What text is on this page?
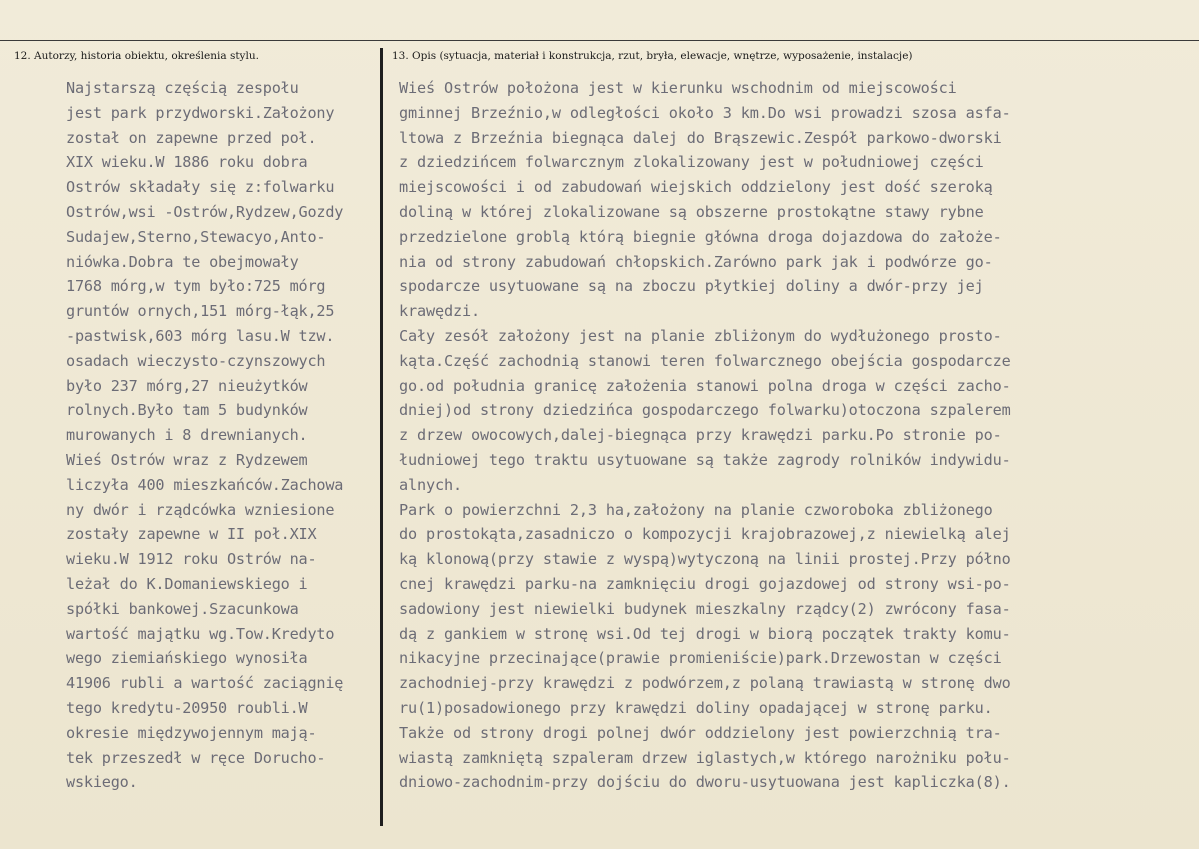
12. Autorzy, historia obiektu, określenia stylu.	13. Opis (sytuacja, materiał i konstrukcja, rzut, bryła, elewacje, wnętrze, wyposażenie, instalacje)
Najstarszą częścią zespołu
jest park przydworski.Założony
został on zapewne przed poł.
XIX wieku.W 1886 roku dobra
Ostrów składały się z:folwarku
Ostrów,wsi -Ostrów,Rydzew,Gozdy
Sudajew,Sterno,Stewacyo,Anto-
niówka.Dobra te obejmowały
1768 mórg,w tym było:725 mórg
gruntów ornych,151 mórg-łąk,25
-pastwisk,603 mórg lasu.W tzw.
osadach wieczysto-czynszowych
było 237 mórg,27 nieużytków
rolnych.Było tam 5 budynków
murowanych i 8 drewnianych.
Wieś Ostrów wraz z Rydzewem
liczyła 400 mieszkańców.Zachowa
ny dwór i rządcówka wzniesione
zostały zapewne w II poł.XIX
wieku.W 1912 roku Ostrów na-
leżał do K.Domaniewskiego i
spółki bankowej.Szacunkowa
wartość majątku wg.Tow.Kredyto
wego ziemiańskiego wynosiła
41906 rubli a wartość zaciągnię
tego kredytu-20950 roubli.W
okresie międzywojennym mają-
tek przeszedł w ręce Dorucho-
wskiego.
Wieś Ostrów położona jest w kierunku wschodnim od miejscowości
gminnej Brzeźnio,w odległości około 3 km.Do wsi prowadzi szosa asfa-
ltowa z Brzeźnia biegnąca dalej do Brąszewic.Zespół parkowo-dworski
z dziedzińcem folwarcznym zlokalizowany jest w południowej części
miejscowości i od zabudowań wiejskich oddzielony jest dość szeroką
doliną w której zlokalizowane są obszerne prostokątne stawy rybne
przedzielone groblą którą biegnie główna droga dojazdowa do założe-
nia od strony zabudowań chłopskich.Zarówno park jak i podwórze go-
spodarcze usytuowane są na zboczu płytkiej doliny a dwór-przy jej
krawędzi.
Cały zesół założony jest na planie zbliżonym do wydłużonego prosto-
kąta.Część zachodnią stanowi teren folwarcznego obejścia gospodarcze
go.od południa granicę założenia stanowi polna droga w części zacho-
dniej)od strony dziedzińca gospodarczego folwarku)otoczona szpalerem
z drzew owocowych,dalej-biegnąca przy krawędzi parku.Po stronie po-
łudniowej tego traktu usytuowane są także zagrody rolników indywidu-
alnych.
Park o powierzchni 2,3 ha,założony na planie czworoboka zbliżonego
do prostokąta,zasadniczo o kompozycji krajobrazowej,z niewielką alej
ką klonową(przy stawie z wyspą)wytyczoną na linii prostej.Przy półno
cnej krawędzi parku-na zamknięciu drogi gojazdowej od strony wsi-po-
sadowiony jest niewielki budynek mieszkalny rządcy(2) zwrócony fasa-
dą z gankiem w stronę wsi.Od tej drogi w biorą początek trakty komu-
nikacyjne przecinające(prawie promieniście)park.Drzewostan w części
zachodniej-przy krawędzi z podwórzem,z polaną trawiastą w stronę dwo
ru(1)posadowionego przy krawędzi doliny opadającej w stronę parku.
Także od strony drogi polnej dwór oddzielony jest powierzchnią tra-
wiastą zamkniętą szpaleram drzew iglastych,w którego narożniku połu-
dniowo-zachodnim-przy dojściu do dworu-usytuowana jest kapliczka(8).
